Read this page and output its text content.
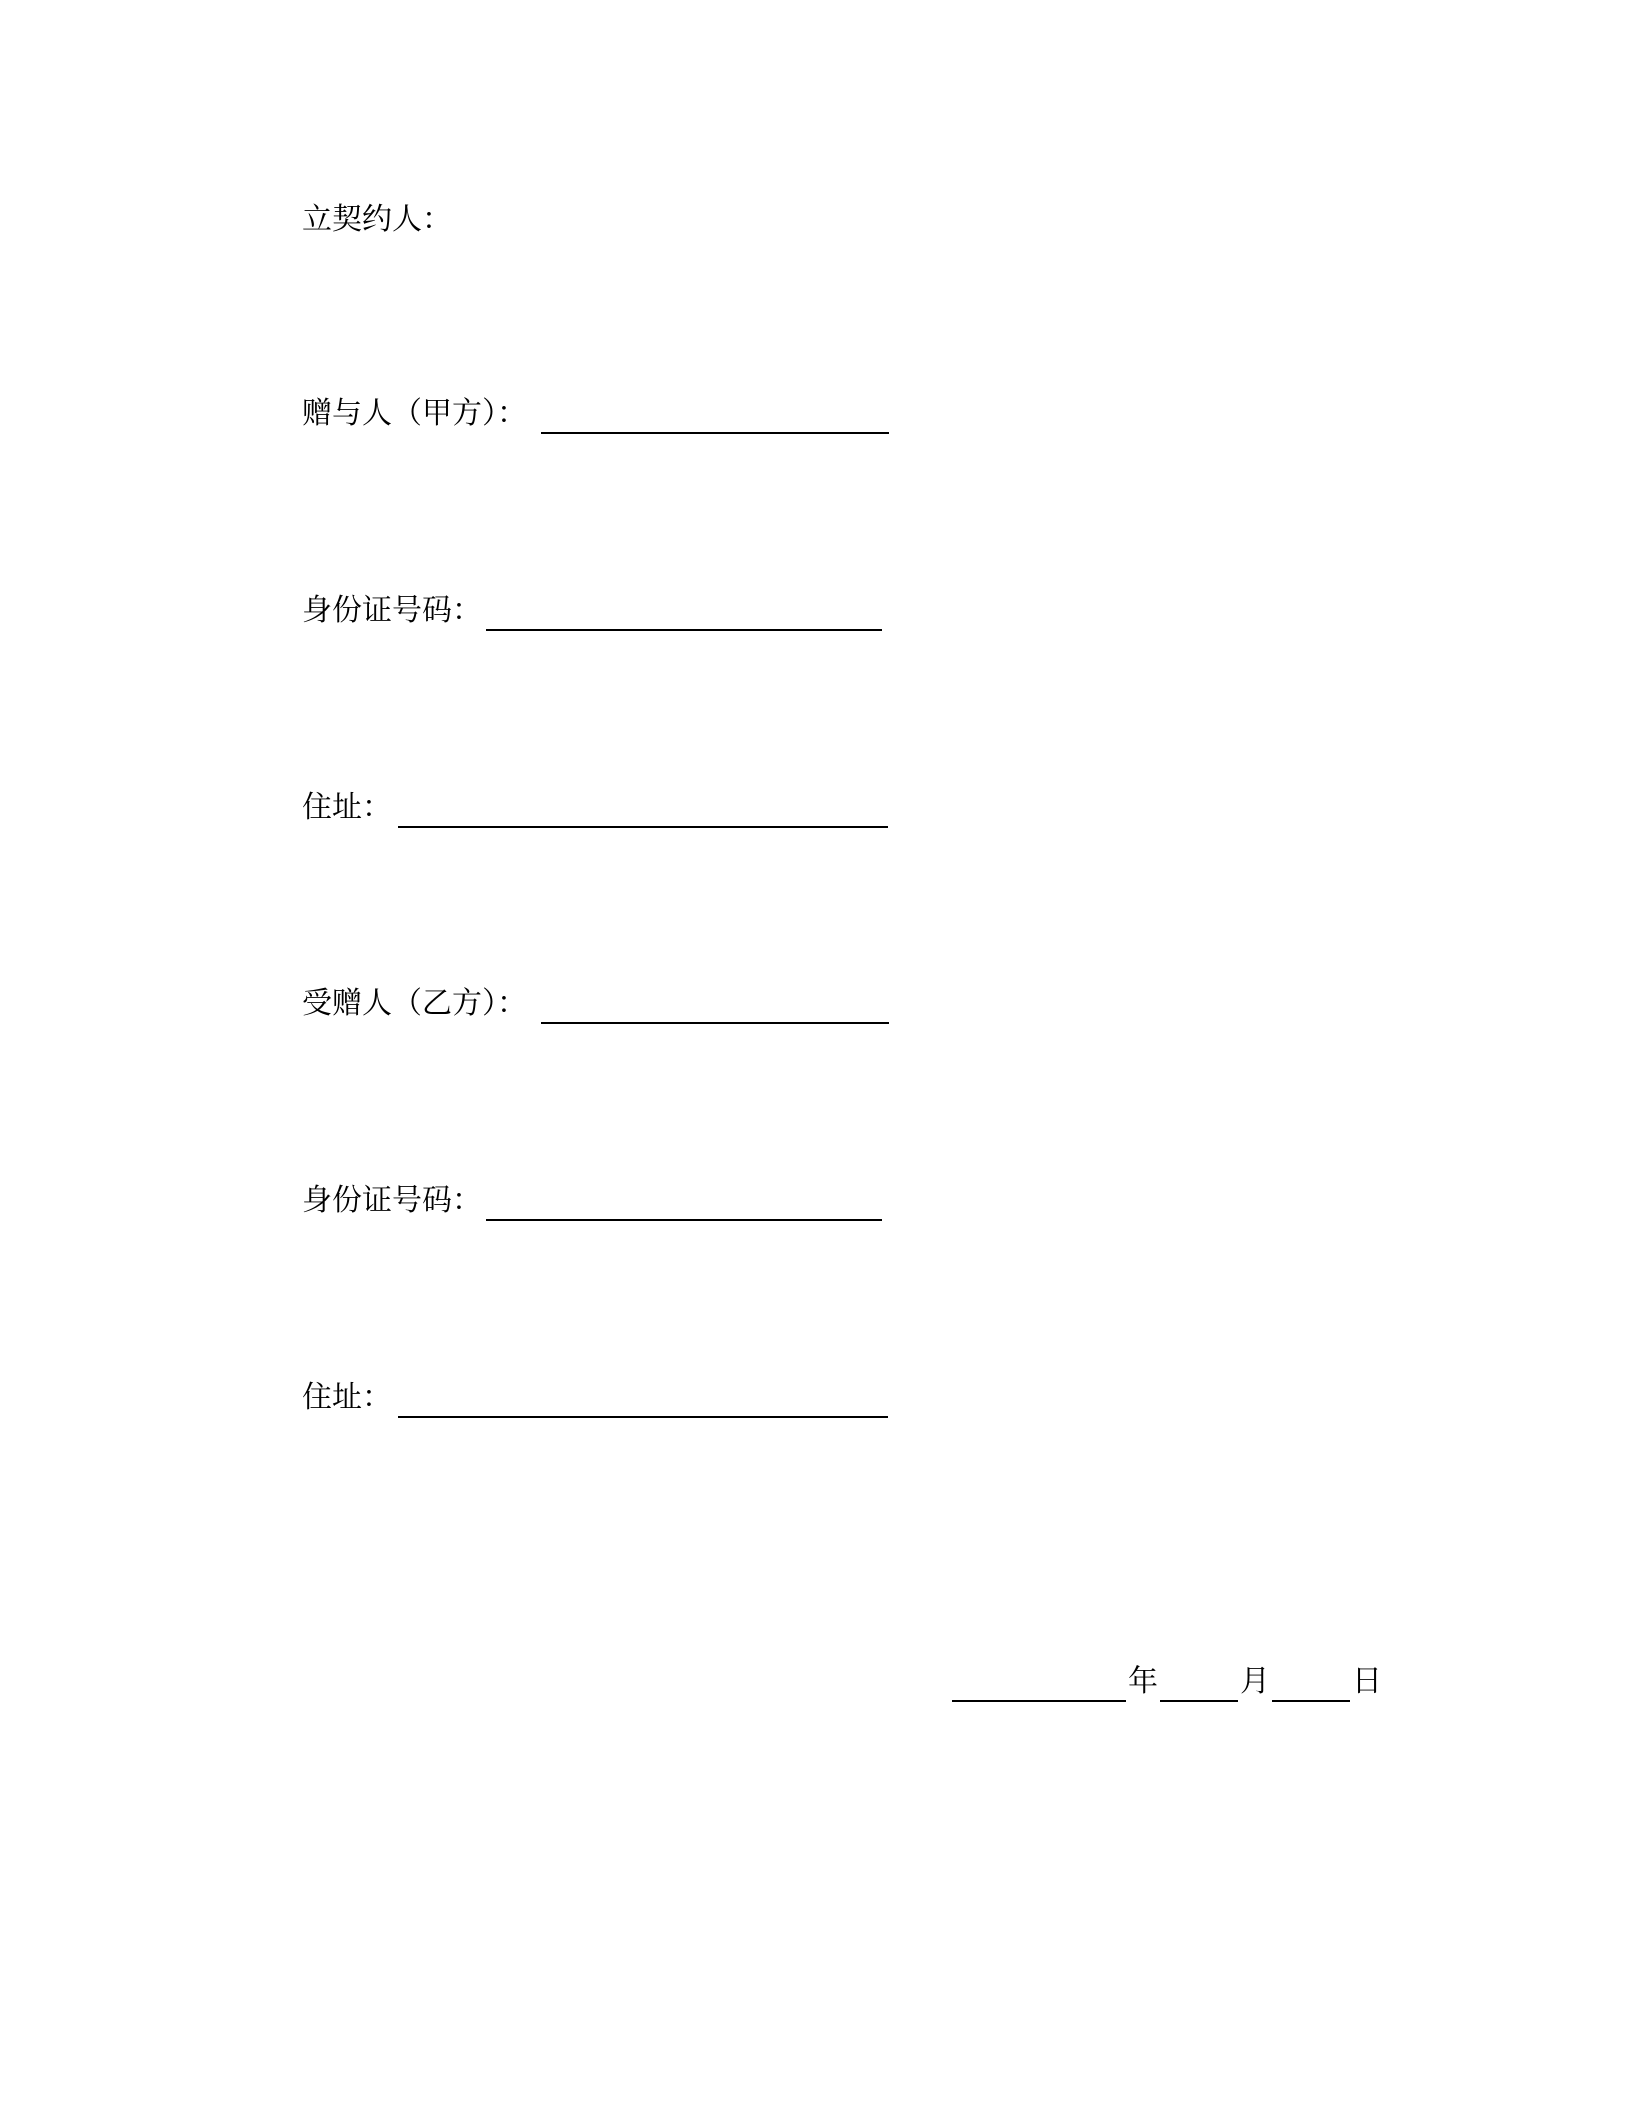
立契约人：
赠与人（甲方）：
身份证号码：
住址：
受赠人（乙方）：
身份证号码：
住址：
年	月	日
